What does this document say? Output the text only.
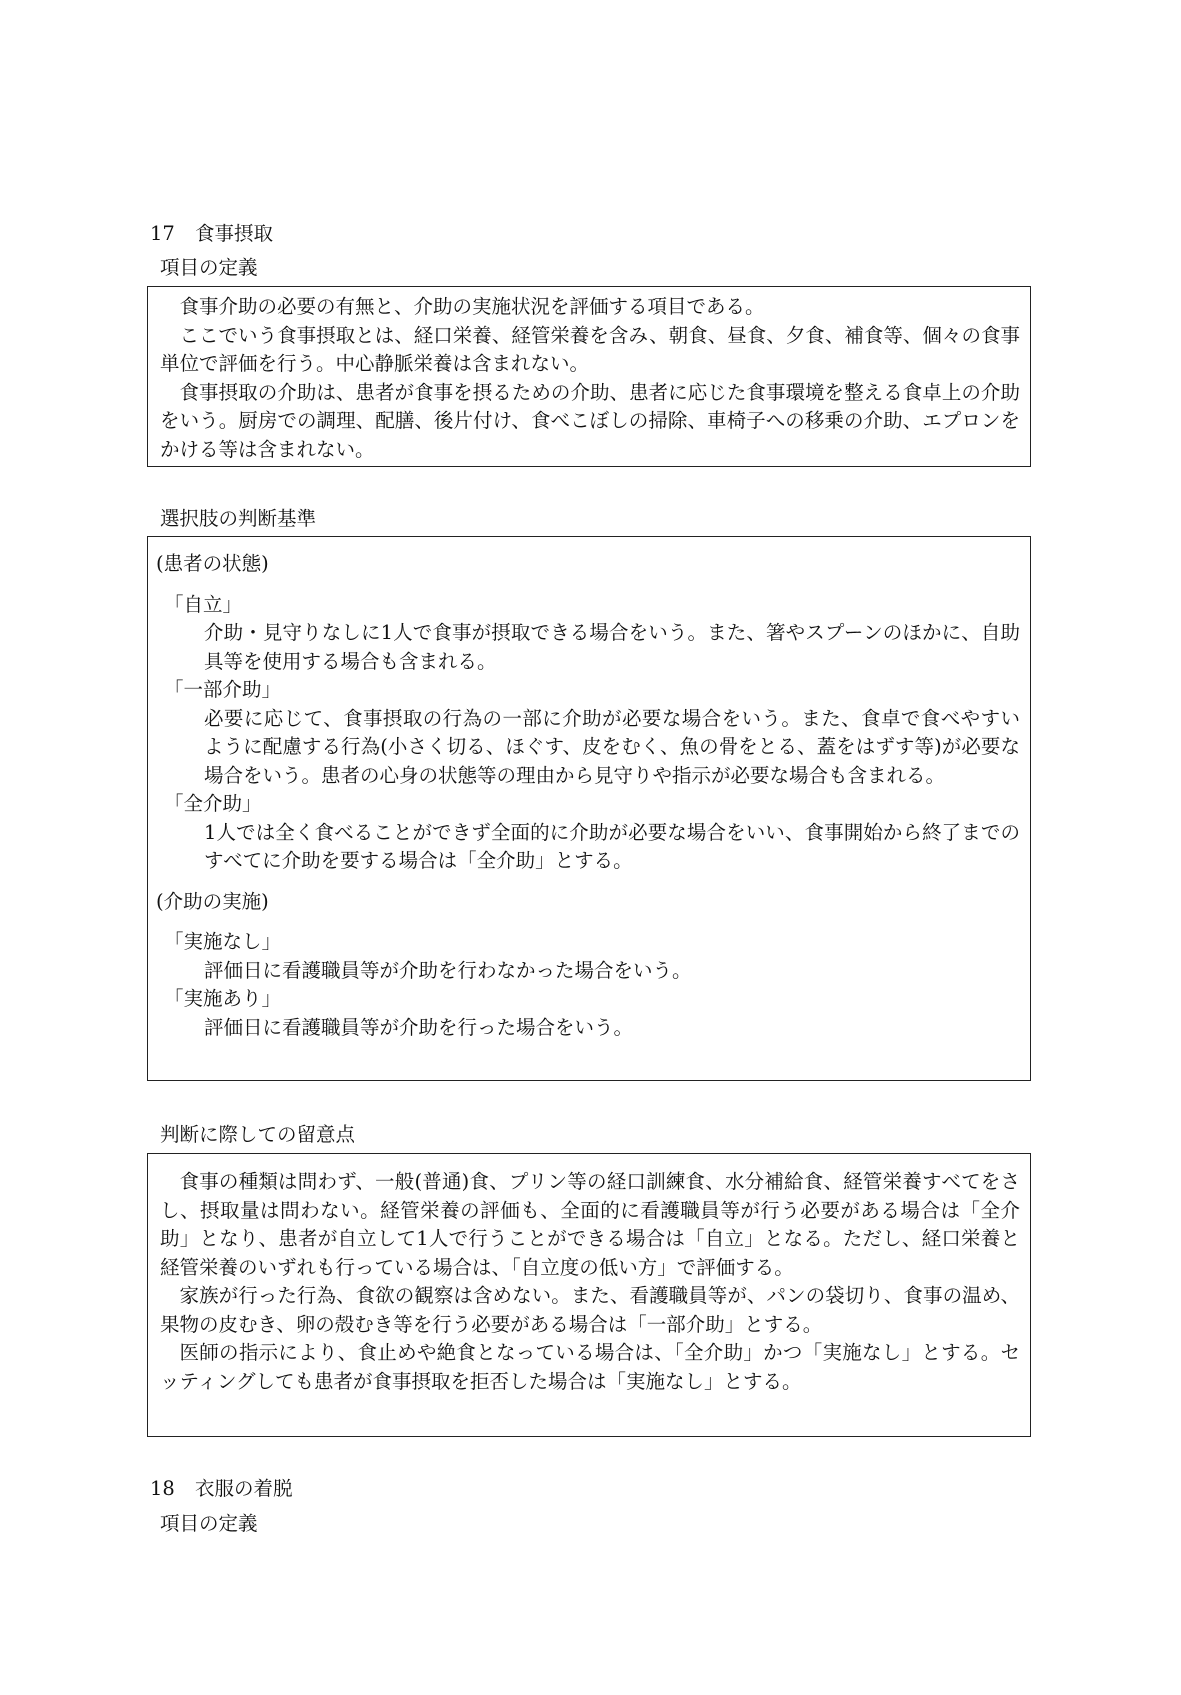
17 食事摂取
項目の定義

食事介助の必要の有無と、介助の実施状況を評価する項目である。

ここでいう食事摂取とは、経口栄養、経管栄養を含み、朝食、昼食、夕食、補食等、個々の食事単位で評価を行う。中心静脈栄養は含まれない。

食事摂取の介助は、患者が食事を摂るための介助、患者に応じた食事環境を整える食卓上の介助をいう。厨房での調理、配膳、後片付け、食べこぼしの掃除、車椅子への移乗の介助、エプロンをかける等は含まれない。

選択肢の判断基準

(患者の状態)

「自立」

介助・見守りなしに1人で食事が摂取できる場合をいう。また、箸やスプーンのほかに、自助具等を使用する場合も含まれる。

「一部介助」

必要に応じて、食事摂取の行為の一部に介助が必要な場合をいう。また、食卓で食べやすいように配慮する行為(小さく切る、ほぐす、皮をむく、魚の骨をとる、蓋をはずす等)が必要な場合をいう。患者の心身の状態等の理由から見守りや指示が必要な場合も含まれる。

「全介助」

1人では全く食べることができず全面的に介助が必要な場合をいい、食事開始から終了までのすべてに介助を要する場合は「全介助」とする。

(介助の実施)

「実施なし」

評価日に看護職員等が介助を行わなかった場合をいう。

「実施あり」

評価日に看護職員等が介助を行った場合をいう。

判断に際しての留意点

食事の種類は問わず、一般(普通)食、プリン等の経口訓練食、水分補給食、経管栄養すべてをさし、摂取量は問わない。経管栄養の評価も、全面的に看護職員等が行う必要がある場合は「全介助」となり、患者が自立して1人で行うことができる場合は「自立」となる。ただし、経口栄養と経管栄養のいずれも行っている場合は、「自立度の低い方」で評価する。

家族が行った行為、食欲の観察は含めない。また、看護職員等が、パンの袋切り、食事の温め、果物の皮むき、卵の殻むき等を行う必要がある場合は「一部介助」とする。

医師の指示により、食止めや絶食となっている場合は、「全介助」かつ「実施なし」とする。セッティングしても患者が食事摂取を拒否した場合は「実施なし」とする。

18 衣服の着脱
項目の定義
